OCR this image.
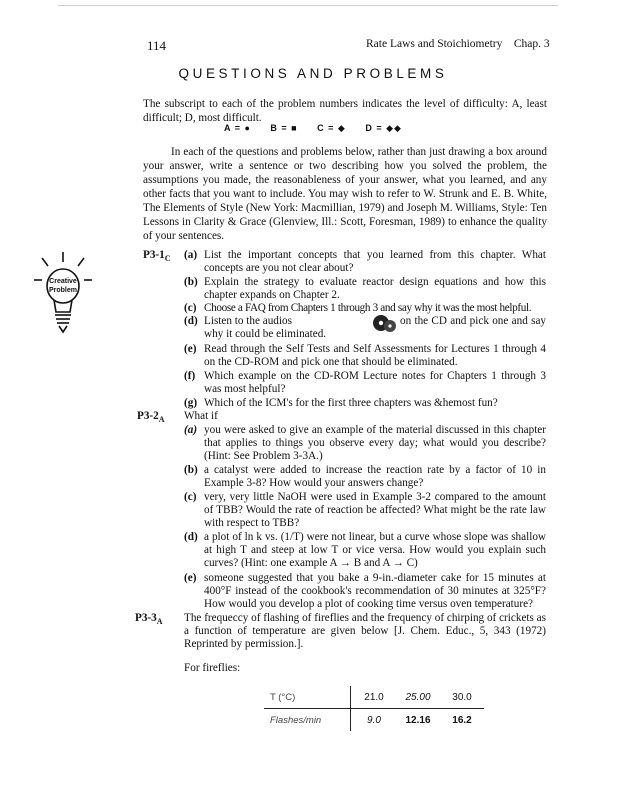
114	Rate Laws and Stoichiometry Chap. 3
QUESTIONS AND PROBLEMS

The subscript to each of the problem numbers indicates the level of difficulty: A, least difficult; D, most difficult.

A = ● B = ■ C = ◆ D = ◆◆

In each of the questions and problems below, rather than just drawing a box around your answer, write a sentence or two describing how you solved the problem, the assumptions you made, the reasonableness of your answer, what you learned, and any other facts that you want to include. You may wish to refer to W. Strunk and E. B. White, The Elements of Style (New York: Macmillian, 1979) and Joseph M. Williams, Style: Ten Lessons in Clarity & Grace (Glenview, Ill.: Scott, Foresman, 1989) to enhance the quality of your sentences.

Creative
Problem
$P3-1_C$ (a) List the important concepts that you learned from this chapter. What concepts are you not clear about?

(b) Explain the strategy to evaluate reactor design equations and how this chapter expands on Chapter 2.

(c) Choose a FAQ from Chapters 1 through 3 and say why it was the most helpful.

(d) Listen to the audios	on the CD and pick one and say why it could be eliminated.

(e) Read through the Self Tests and Self Assessments for Lectures 1 through 4 on the CD-ROM and pick one that should be eliminated.

(f) Which example on the CD-ROM Lecture notes for Chapters 1 through 3 was most helpful?

(g) Which of the ICM's for the first three chapters was &hemost fun?

$P3-2_A$ What if
(a) you were asked to give an example of the material discussed in this chapter that applies to things you observe every day; what would you describe? (Hint: See Problem 3-3A.)

(b) a catalyst were added to increase the reaction rate by a factor of 10 in Example 3-8? How would your answers change?

(c) very, very little NaOH were used in Example 3-2 compared to the amount of TBB? Would the rate of reaction be affected? What might be the rate law with respect to TBB?

(d) a plot of ln k vs. (1/T) were not linear, but a curve whose slope was shallow at high T and steep at low T or vice versa. How would you explain such curves? (Hint: one example A → B and A → C)

(e) someone suggested that you bake a 9-in.-diameter cake for 15 minutes at 400°F instead of the cookbook's recommendation of 30 minutes at 325°F? How would you develop a plot of cooking time versus oven temperature?

$P3-3_A$ The frequeccy of flashing of fireflies and the frequency of chirping of crickets as a function of temperature are given below [J. Chem. Educ., 5, 343 (1972) Reprinted by permission.].

For fireflies:
T (°C)		21.0	25.00	30.0
Flashes/min		9.0	12.16	16.2
